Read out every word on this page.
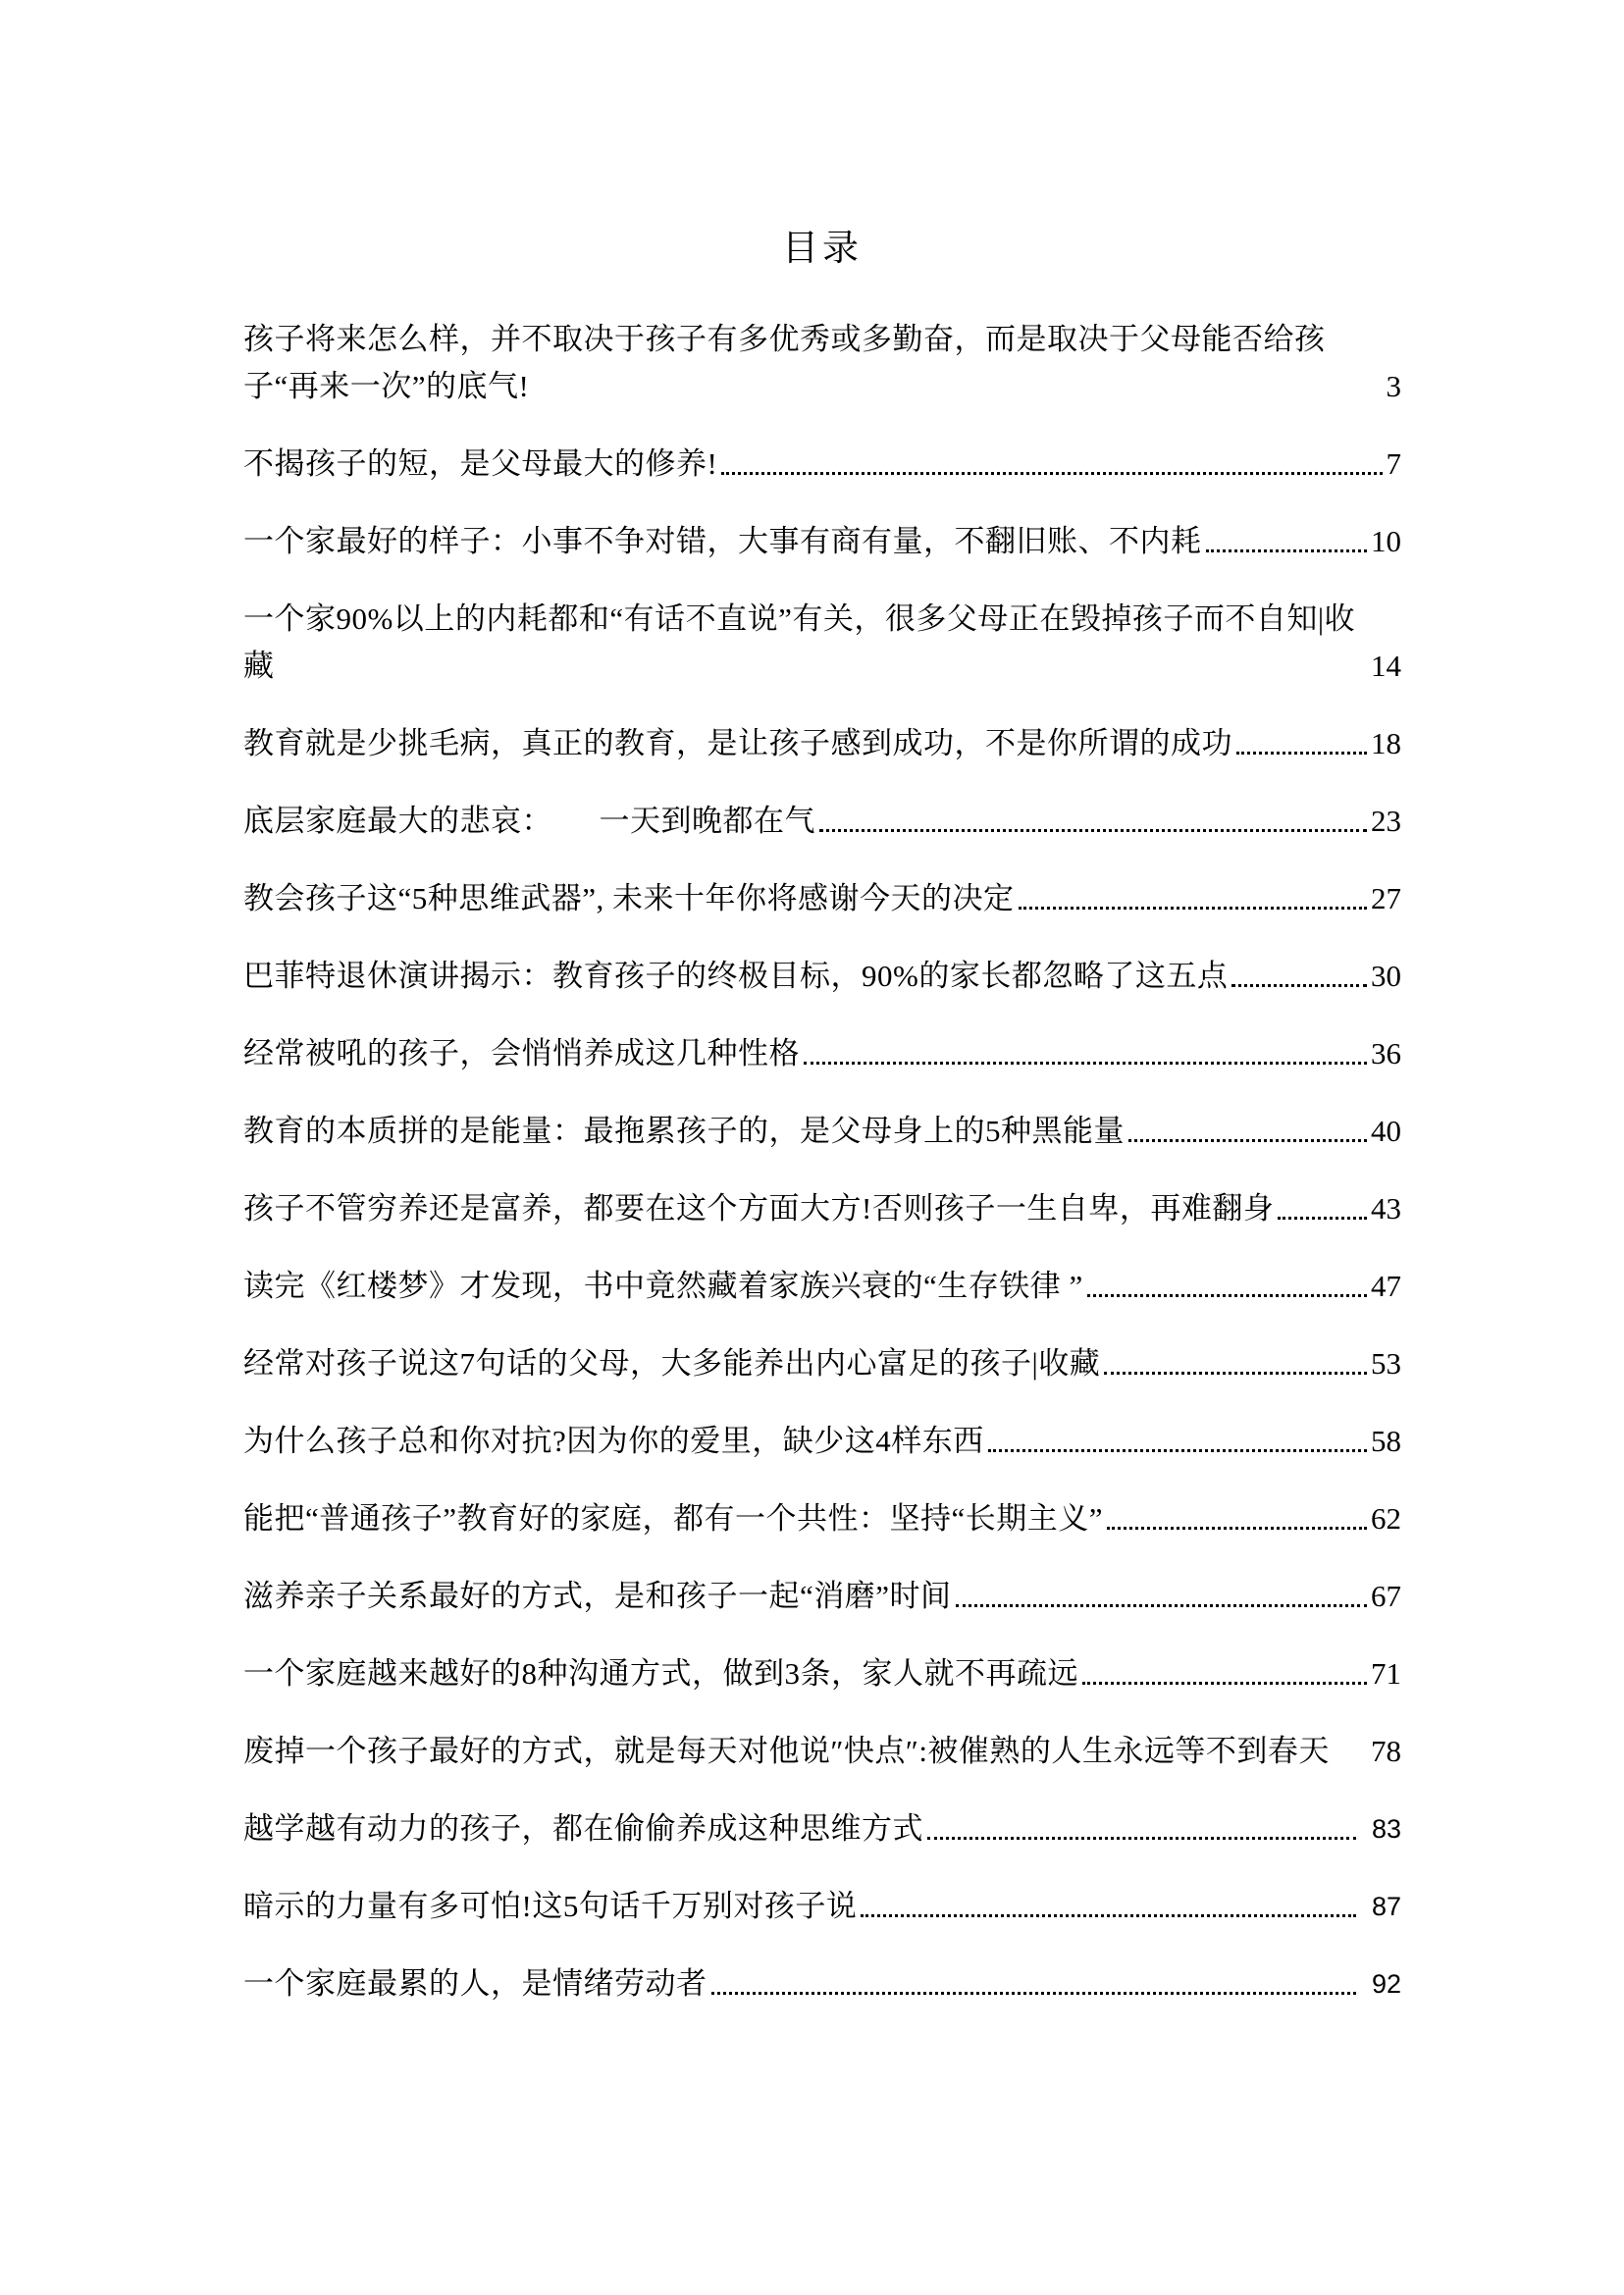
目录
孩子将来怎么样，并不取决于孩子有多优秀或多勤奋，而是取决于父母能否给孩子“再来一次”的底气!	3
不揭孩子的短，是父母最大的修养!	7
一个家最好的样子：小事不争对错，大事有商有量，不翻旧账、不内耗	10
一个家90%以上的内耗都和“有话不直说”有关，很多父母正在毁掉孩子而不自知|收藏	14
教育就是少挑毛病，真正的教育，是让孩子感到成功，不是你所谓的成功	18
底层家庭最大的悲哀：　　一天到晚都在气	23
教会孩子这“5种思维武器”, 未来十年你将感谢今天的决定	27
巴菲特退休演讲揭示：教育孩子的终极目标，90%的家长都忽略了这五点	30
经常被吼的孩子，会悄悄养成这几种性格	36
教育的本质拼的是能量：最拖累孩子的，是父母身上的5种黑能量	40
孩子不管穷养还是富养，都要在这个方面大方!否则孩子一生自卑，再难翻身	43
读完《红楼梦》才发现，书中竟然藏着家族兴衰的“生存铁律 ”	47
经常对孩子说这7句话的父母，大多能养出内心富足的孩子|收藏	53
为什么孩子总和你对抗?因为你的爱里，缺少这4样东西	58
能把“普通孩子”教育好的家庭，都有一个共性：坚持“长期主义”	62
滋养亲子关系最好的方式，是和孩子一起“消磨”时间	67
一个家庭越来越好的8种沟通方式，做到3条，家人就不再疏远	71
废掉一个孩子最好的方式，就是每天对他说″快点″:被催熟的人生永远等不到春天 78
越学越有动力的孩子，都在偷偷养成这种思维方式	83
暗示的力量有多可怕!这5句话千万别对孩子说	87
一个家庭最累的人，是情绪劳动者	92
